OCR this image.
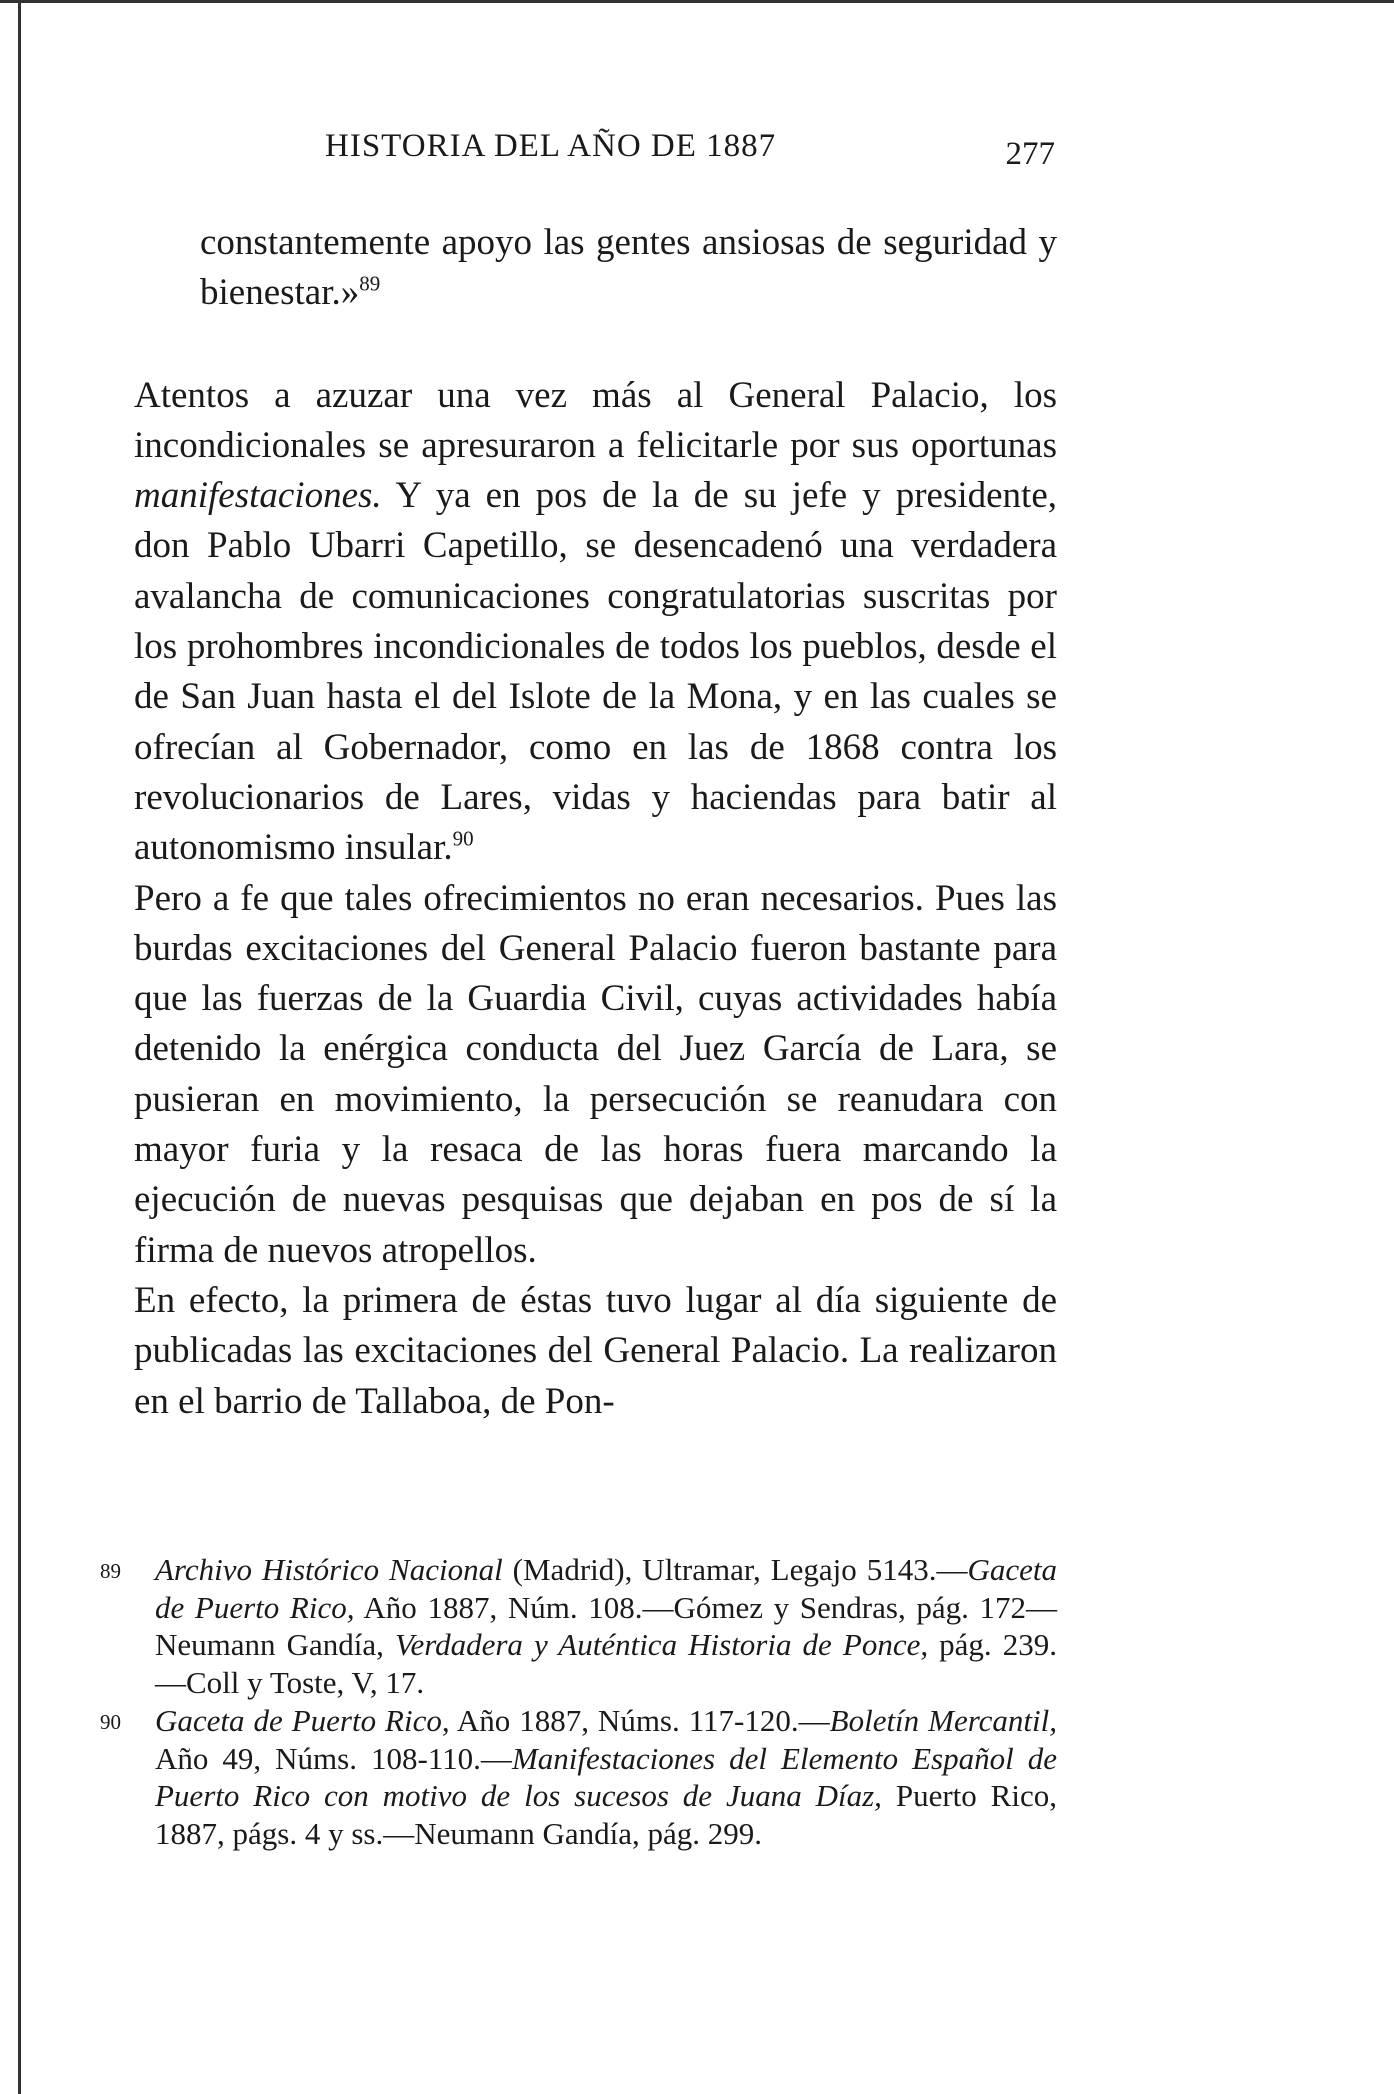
HISTORIA DEL AÑO DE 1887	277

constantemente apoyo las gentes ansiosas de seguridad y bienestar.»$^{89}$

Atentos a azuzar una vez más al General Palacio, los incondicionales se apresuraron a felicitarle por sus oportunas manifestaciones. Y ya en pos de la de su jefe y presidente, don Pablo Ubarri Capetillo, se desencadenó una verdadera avalancha de comunicaciones congratulatorias suscritas por los prohombres incondicionales de todos los pueblos, desde el de San Juan hasta el del Islote de la Mona, y en las cuales se ofrecían al Gobernador, como en las de 1868 contra los revolucionarios de Lares, vidas y haciendas para batir al autonomismo insular.$^{90}$

Pero a fe que tales ofrecimientos no eran necesarios. Pues las burdas excitaciones del General Palacio fueron bastante para que las fuerzas de la Guardia Civil, cuyas actividades había detenido la enérgica conducta del Juez García de Lara, se pusieran en movimiento, la persecución se reanudara con mayor furia y la resaca de las horas fuera marcando la ejecución de nuevas pesquisas que dejaban en pos de sí la firma de nuevos atropellos.

En efecto, la primera de éstas tuvo lugar al día siguiente de publicadas las excitaciones del General Palacio. La realizaron en el barrio de Tallaboa, de Pon-

89	Archivo Histórico Nacional (Madrid), Ultramar, Legajo 5143.—Gaceta de Puerto Rico, Año 1887, Núm. 108.—Gómez y Sendras, pág. 172—Neumann Gandía, Verdadera y Auténtica Historia de Ponce, pág. 239.—Coll y Toste, V, 17.
90	Gaceta de Puerto Rico, Año 1887, Núms. 117-120.—Boletín Mercantil, Año 49, Núms. 108-110.—Manifestaciones del Elemento Español de Puerto Rico con motivo de los sucesos de Juana Díaz, Puerto Rico, 1887, págs. 4 y ss.—Neumann Gandía, pág. 299.
